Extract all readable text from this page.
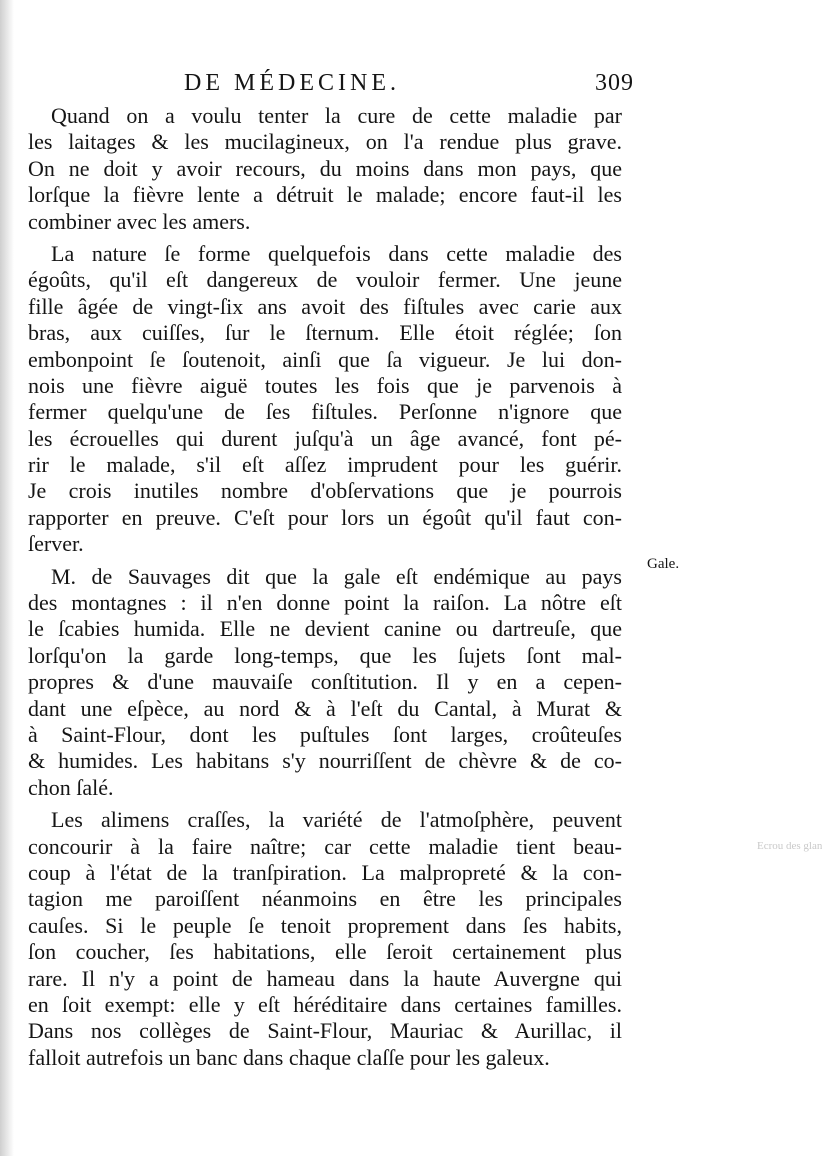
DE MÉDECINE.	309
Quand on a voulu tenter la cure de cette maladie par
les laitages & les mucilagineux, on l'a rendue plus grave.
On ne doit y avoir recours, du moins dans mon pays, que
lorſque la fièvre lente a détruit le malade; encore faut-il les
combiner avec les amers.
La nature ſe forme quelquefois dans cette maladie des
égoûts, qu'il eſt dangereux de vouloir fermer. Une jeune
fille âgée de vingt-ſix ans avoit des fiſtules avec carie aux
bras, aux cuiſſes, ſur le ſternum. Elle étoit réglée; ſon
embonpoint ſe ſoutenoit, ainſi que ſa vigueur. Je lui don-
nois une fièvre aiguë toutes les fois que je parvenois à
fermer quelqu'une de ſes fiſtules. Perſonne n'ignore que
les écrouelles qui durent juſqu'à un âge avancé, font pé-
rir le malade, s'il eſt aſſez imprudent pour les guérir.
Je crois inutiles nombre d'obſervations que je pourrois
rapporter en preuve. C'eſt pour lors un égoût qu'il faut con-
ſerver.
M. de Sauvages dit que la gale eſt endémique au pays
des montagnes : il n'en donne point la raiſon. La nôtre eſt
le ſcabies humida. Elle ne devient canine ou dartreuſe, que
lorſqu'on la garde long-temps, que les ſujets ſont mal-
propres & d'une mauvaiſe conſtitution. Il y en a cepen-
dant une eſpèce, au nord & à l'eſt du Cantal, à Murat &
à Saint-Flour, dont les puſtules ſont larges, croûteuſes
& humides. Les habitans s'y nourriſſent de chèvre & de co-
chon ſalé.
Les alimens craſſes, la variété de l'atmoſphère, peuvent
concourir à la faire naître; car cette maladie tient beau-
coup à l'état de la tranſpiration. La malpropreté & la con-
tagion me paroiſſent néanmoins en être les principales
cauſes. Si le peuple ſe tenoit proprement dans ſes habits,
ſon coucher, ſes habitations, elle ſeroit certainement plus
rare. Il n'y a point de hameau dans la haute Auvergne qui
en ſoit exempt: elle y eſt héréditaire dans certaines familles.
Dans nos collèges de Saint-Flour, Mauriac & Aurillac, il
falloit autrefois un banc dans chaque claſſe pour les galeux.
Gale.
Ecrou des glan
